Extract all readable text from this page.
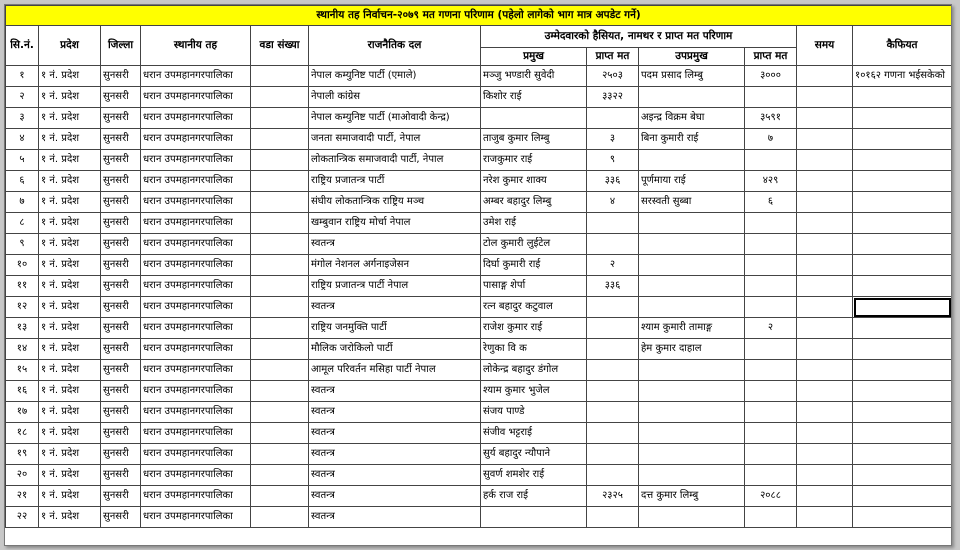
स्थानीय तह निर्वाचन-२०७९ मत गणना परिणाम (पहेलो लागेको भाग मात्र अपडेट गर्ने)											
सि.नं.	प्रदेश	जिल्ला	स्थानीय तह	वडा संख्या	राजनैतिक दल	उम्मेदवारको हैसियत, नामथर र प्राप्त मत परिणाम				समय	कैफियत
						प्रमुख	प्राप्त मत	उपप्रमुख	प्राप्त मत		
१	१ नं. प्रदेश	सुनसरी	धरान उपमहानगरपालिका		नेपाल कम्युनिष्ट पार्टी (एमाले)	मञ्जु भण्डारी सुवेदी	२५०३	पदम प्रसाद लिम्बु	३०००		१०१६२ गणना भईसकेको
२	१ नं. प्रदेश	सुनसरी	धरान उपमहानगरपालिका		नेपाली कांग्रेस	किशोर राई	३३२२				
३	१ नं. प्रदेश	सुनसरी	धरान उपमहानगरपालिका		नेपाल कम्युनिष्ट पार्टी (माओवादी केन्द्र)			अइन्द्र विक्रम बेघा	३५९१		
४	१ नं. प्रदेश	सुनसरी	धरान उपमहानगरपालिका		जनता समाजवादी पार्टी, नेपाल	ताजुब कुमार लिम्बु	३	बिना कुमारी राई	७		
५	१ नं. प्रदेश	सुनसरी	धरान उपमहानगरपालिका		लोकतान्त्रिक समाजवादी पार्टी, नेपाल	राजकुमार राई	९				
६	१ नं. प्रदेश	सुनसरी	धरान उपमहानगरपालिका		राष्ट्रिय प्रजातन्त्र पार्टी	नरेश कुमार शाक्य	३३६	पूर्णमाया राई	४२९		
७	१ नं. प्रदेश	सुनसरी	धरान उपमहानगरपालिका		संघीय लोकतान्त्रिक राष्ट्रिय मञ्च	अम्बर बहादुर लिम्बु	४	सरस्वती सुब्बा	६		
८	१ नं. प्रदेश	सुनसरी	धरान उपमहानगरपालिका		खम्बुवान राष्ट्रिय मोर्चा नेपाल	उमेश राई					
९	१ नं. प्रदेश	सुनसरी	धरान उपमहानगरपालिका		स्वतन्त्र	टोल कुमारी लुईटेल					
१०	१ नं. प्रदेश	सुनसरी	धरान उपमहानगरपालिका		मंगोल नेशनल अर्गनाइजेसन	दिर्घा कुमारी राई	२				
११	१ नं. प्रदेश	सुनसरी	धरान उपमहानगरपालिका		राष्ट्रिय प्रजातन्त्र पार्टी नेपाल	पासाङ्ग शेर्पा	३३६				
१२	१ नं. प्रदेश	सुनसरी	धरान उपमहानगरपालिका		स्वतन्त्र	रत्न बहादुर कटुवाल					
१३	१ नं. प्रदेश	सुनसरी	धरान उपमहानगरपालिका		राष्ट्रिय जनमुक्ति पार्टी	राजेश कुमार राई		श्याम कुमारी तामाङ्ग	२		
१४	१ नं. प्रदेश	सुनसरी	धरान उपमहानगरपालिका		मौलिक जरोकिलो पार्टी	रेणुका वि क		हेम कुमार दाहाल			
१५	१ नं. प्रदेश	सुनसरी	धरान उपमहानगरपालिका		आमूल परिवर्तन मसिहा पार्टी नेपाल	लोकेन्द्र बहादुर डंगोल					
१६	१ नं. प्रदेश	सुनसरी	धरान उपमहानगरपालिका		स्वतन्त्र	श्याम कुमार भुजेल					
१७	१ नं. प्रदेश	सुनसरी	धरान उपमहानगरपालिका		स्वतन्त्र	संजय पाण्डे					
१८	१ नं. प्रदेश	सुनसरी	धरान उपमहानगरपालिका		स्वतन्त्र	संजीव भट्टराई					
१९	१ नं. प्रदेश	सुनसरी	धरान उपमहानगरपालिका		स्वतन्त्र	सुर्य बहादुर न्यौपाने					
२०	१ नं. प्रदेश	सुनसरी	धरान उपमहानगरपालिका		स्वतन्त्र	सुवर्ण शमशेर राई					
२१	१ नं. प्रदेश	सुनसरी	धरान उपमहानगरपालिका		स्वतन्त्र	हर्क राज राई	२३२५	दत्त कुमार लिम्बु	२०८८		
२२	१ नं. प्रदेश	सुनसरी	धरान उपमहानगरपालिका		स्वतन्त्र						
